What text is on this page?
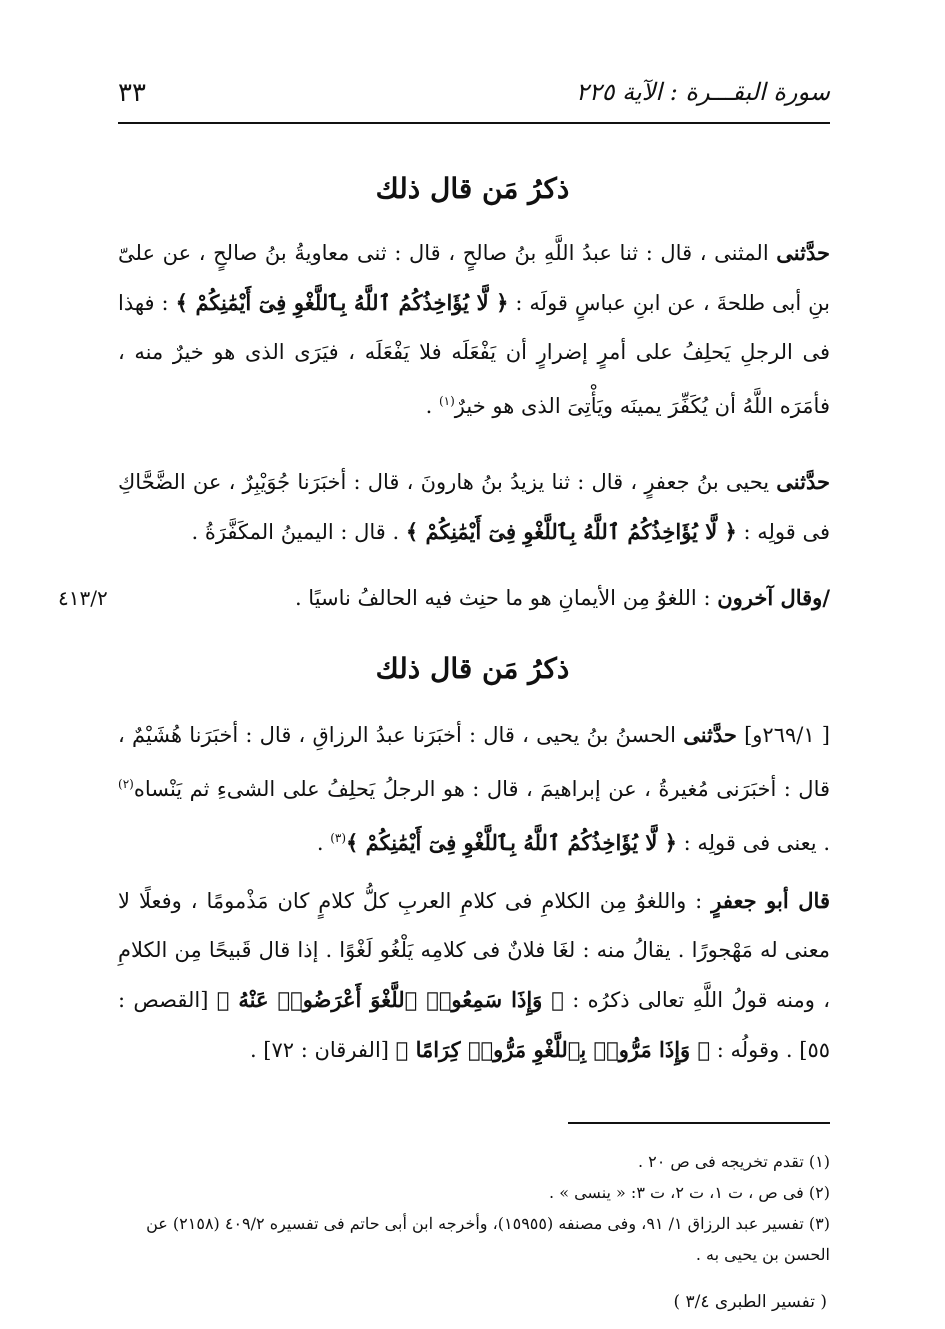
سورة البقـــرة : الآية ٢٢٥
٣٣
ذكرُ مَن قال ذلك

حدَّثنى المثنى ، قال : ثنا عبدُ اللَّهِ بنُ صالحٍ ، قال : ثنى معاويةُ بنُ صالحٍ ، عن علىّ بنِ أبى طلحةَ ، عن ابنِ عباسٍ قولَه : ﴿ لَّا يُؤَاخِذُكُمُ ٱللَّهُ بِٱللَّغْوِ فِىٓ أَيْمَٰنِكُمْ ﴾ : فهذا فى الرجلِ يَحلِفُ على أمرٍ إضرارٍ أن يَفْعَلَه فلا يَفْعَلَه ، فيَرَى الذى هو خيرٌ منه ، فأمَرَه اللَّهُ أن يُكَفِّرَ يمينَه ويَأْتِىَ الذى هو خيرٌ$^{(١)}$ .

حدَّثنى يحيى بنُ جعفرٍ ، قال : ثنا يزيدُ بنُ هارونَ ، قال : أخبَرَنا جُوَيْبِرٌ ، عن الضَّحَّاكِ فى قولِه : ﴿ لَّا يُؤَاخِذُكُمُ ٱللَّهُ بِٱللَّغْوِ فِىٓ أَيْمَٰنِكُمْ ﴾ . قال : اليمينُ المكَفَّرَةُ .

/وقال آخرون : اللغوُ مِن الأيمانِ هو ما حنِث فيه الحالفُ ناسيًا .

٤١٣/٢
ذكرُ مَن قال ذلك

[ ٢٦٩/١و] حدَّثنى الحسنُ بنُ يحيى ، قال : أخبَرَنا عبدُ الرزاقِ ، قال : أخبَرَنا هُشَيْمٌ ، قال : أخبَرَنى مُغيرةُ ، عن إبراهيمَ ، قال : هو الرجلُ يَحلِفُ على الشىءِ ثم يَنْساه$^{(٢)}$ . يعنى فى قولِه : ﴿ لَّا يُؤَاخِذُكُمُ ٱللَّهُ بِٱللَّغْوِ فِىٓ أَيْمَٰنِكُمْ ﴾$^{(٣)}$ .

قال أبو جعفرٍ : واللغوُ مِن الكلامِ فى كلامِ العربِ كلُّ كلامٍ كان مَذْمومًا ، وفعلًا لا معنى له مَهْجورًا . يقالُ منه : لغَا فلانٌ فى كلامِه يَلْغُو لَغْوًا . إذا قال قَبيحًا مِن الكلامِ ، ومنه قولُ اللَّهِ تعالى ذكرُه : ﴿ وَإِذَا سَمِعُوا۟ ٱللَّغْوَ أَعْرَضُوا۟ عَنْهُ ﴾ [القصص : ٥٥] . وقولُه : ﴿ وَإِذَا مَرُّوا۟ بِٱللَّغْوِ مَرُّوا۟ كِرَامًا ﴾ [الفرقان : ٧٢] .

(١) تقدم تخريجه فى ص ٢٠ .

(٢) فى ص ، ت ١، ت ٢، ت ٣: « ينسى » .

(٣) تفسير عبد الرزاق ١/ ٩١، وفى مصنفه (١٥٩٥٥)، وأخرجه ابن أبى حاتم فى تفسيره ٤٠٩/٢ (٢١٥٨) عن الحسن بن يحيى به .

( تفسير الطبرى ٣/٤ )
